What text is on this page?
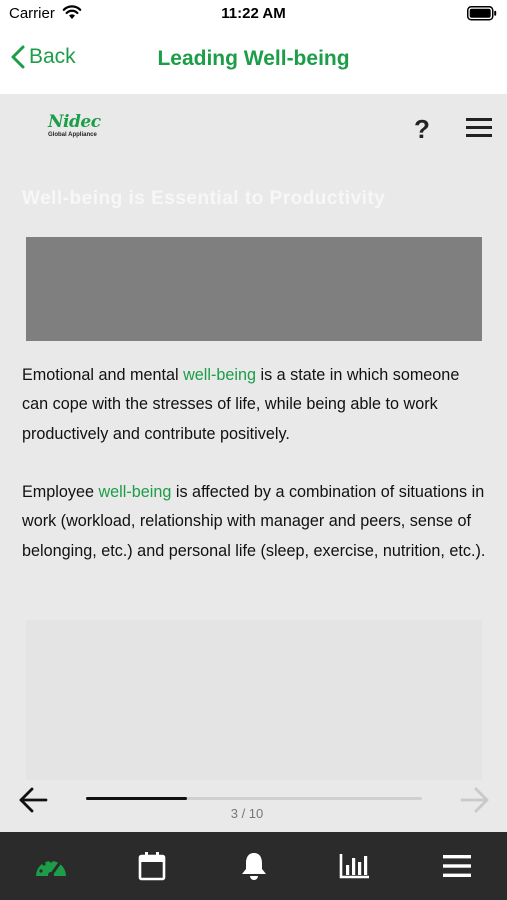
Carrier	11:22 AM
Back	Leading Well-being
Nidec
Global Appliance	?
Well-being is Essential to Productivity

Emotional and mental well-being is a state in which someone can cope with the stresses of life, while being able to work productively and contribute positively.

Employee well-being is affected by a combination of situations in work (workload, relationship with manager and peers, sense of belonging, etc.) and personal life (sleep, exercise, nutrition, etc.).

3 / 10
